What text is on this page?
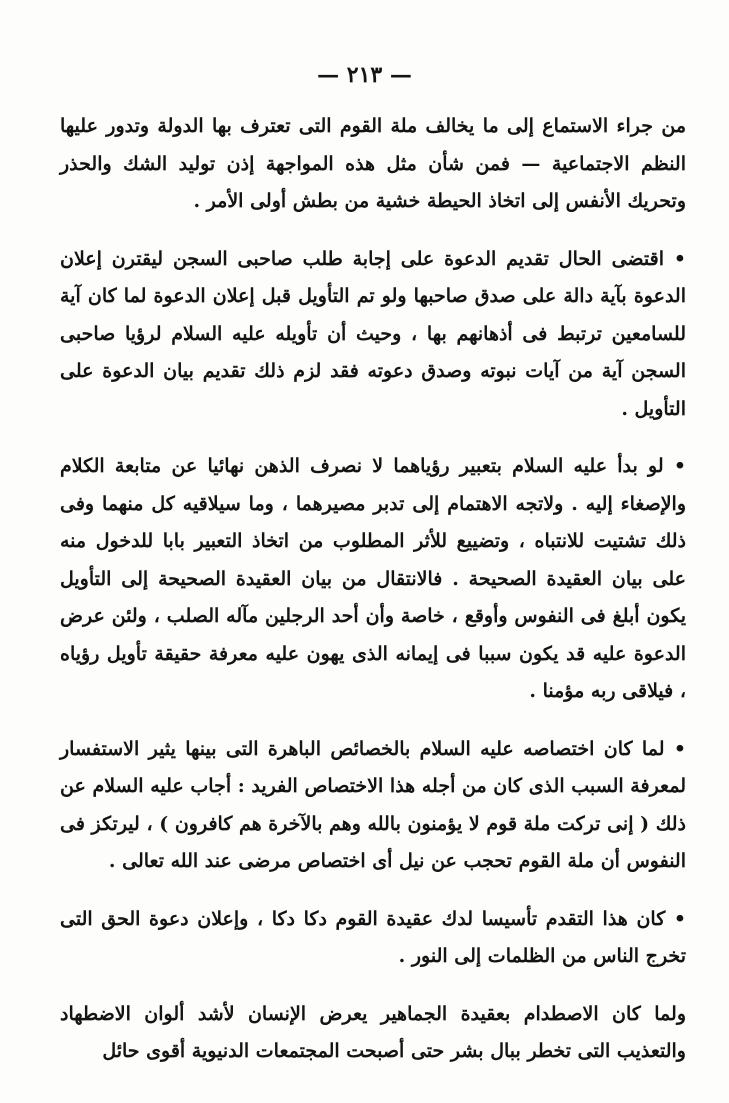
— ٢١٣ —

من جراء الاستماع إلى ما يخالف ملة القوم التى تعترف بها الدولة وتدور عليها النظم الاجتماعية — فمن شأن مثل هذه المواجهة إذن توليد الشك والحذر وتحريك الأنفس إلى اتخاذ الحيطة خشية من بطش أولى الأمر .

• اقتضى الحال تقديم الدعوة على إجابة طلب صاحبى السجن ليقترن إعلان الدعوة بآية دالة على صدق صاحبها ولو تم التأويل قبل إعلان الدعوة لما كان آية للسامعين ترتبط فى أذهانهم بها ، وحيث أن تأويله عليه السلام لرؤيا صاحبى السجن آية من آيات نبوته وصدق دعوته فقد لزم ذلك تقديم بيان الدعوة على التأويل .

• لو بدأ عليه السلام بتعبير رؤياهما لا نصرف الذهن نهائيا عن متابعة الكلام والإصغاء إليه . ولاتجه الاهتمام إلى تدبر مصيرهما ، وما سيلاقيه كل منهما وفى ذلك تشتيت للانتباه ، وتضييع للأثر المطلوب من اتخاذ التعبير بابا للدخول منه على بيان العقيدة الصحيحة . فالانتقال من بيان العقيدة الصحيحة إلى التأويل يكون أبلغ فى النفوس وأوقع ، خاصة وأن أحد الرجلين مآله الصلب ، ولئن عرض الدعوة عليه قد يكون سببا فى إيمانه الذى يهون عليه معرفة حقيقة تأويل رؤياه ، فيلاقى ربه مؤمنا .

• لما كان اختصاصه عليه السلام بالخصائص الباهرة التى بينها يثير الاستفسار لمعرفة السبب الذى كان من أجله هذا الاختصاص الفريد : أجاب عليه السلام عن ذلك ( إنى تركت ملة قوم لا يؤمنون بالله وهم بالآخرة هم كافرون ) ، ليرتكز فى النفوس أن ملة القوم تحجب عن نيل أى اختصاص مرضى عند الله تعالى .

• كان هذا التقدم تأسيسا لدك عقيدة القوم دكا دكا ، وإعلان دعوة الحق التى تخرج الناس من الظلمات إلى النور .

ولما كان الاصطدام بعقيدة الجماهير يعرض الإنسان لأشد ألوان الاضطهاد والتعذيب التى تخطر ببال بشر حتى أصبحت المجتمعات الدنيوية أقوى حائل
